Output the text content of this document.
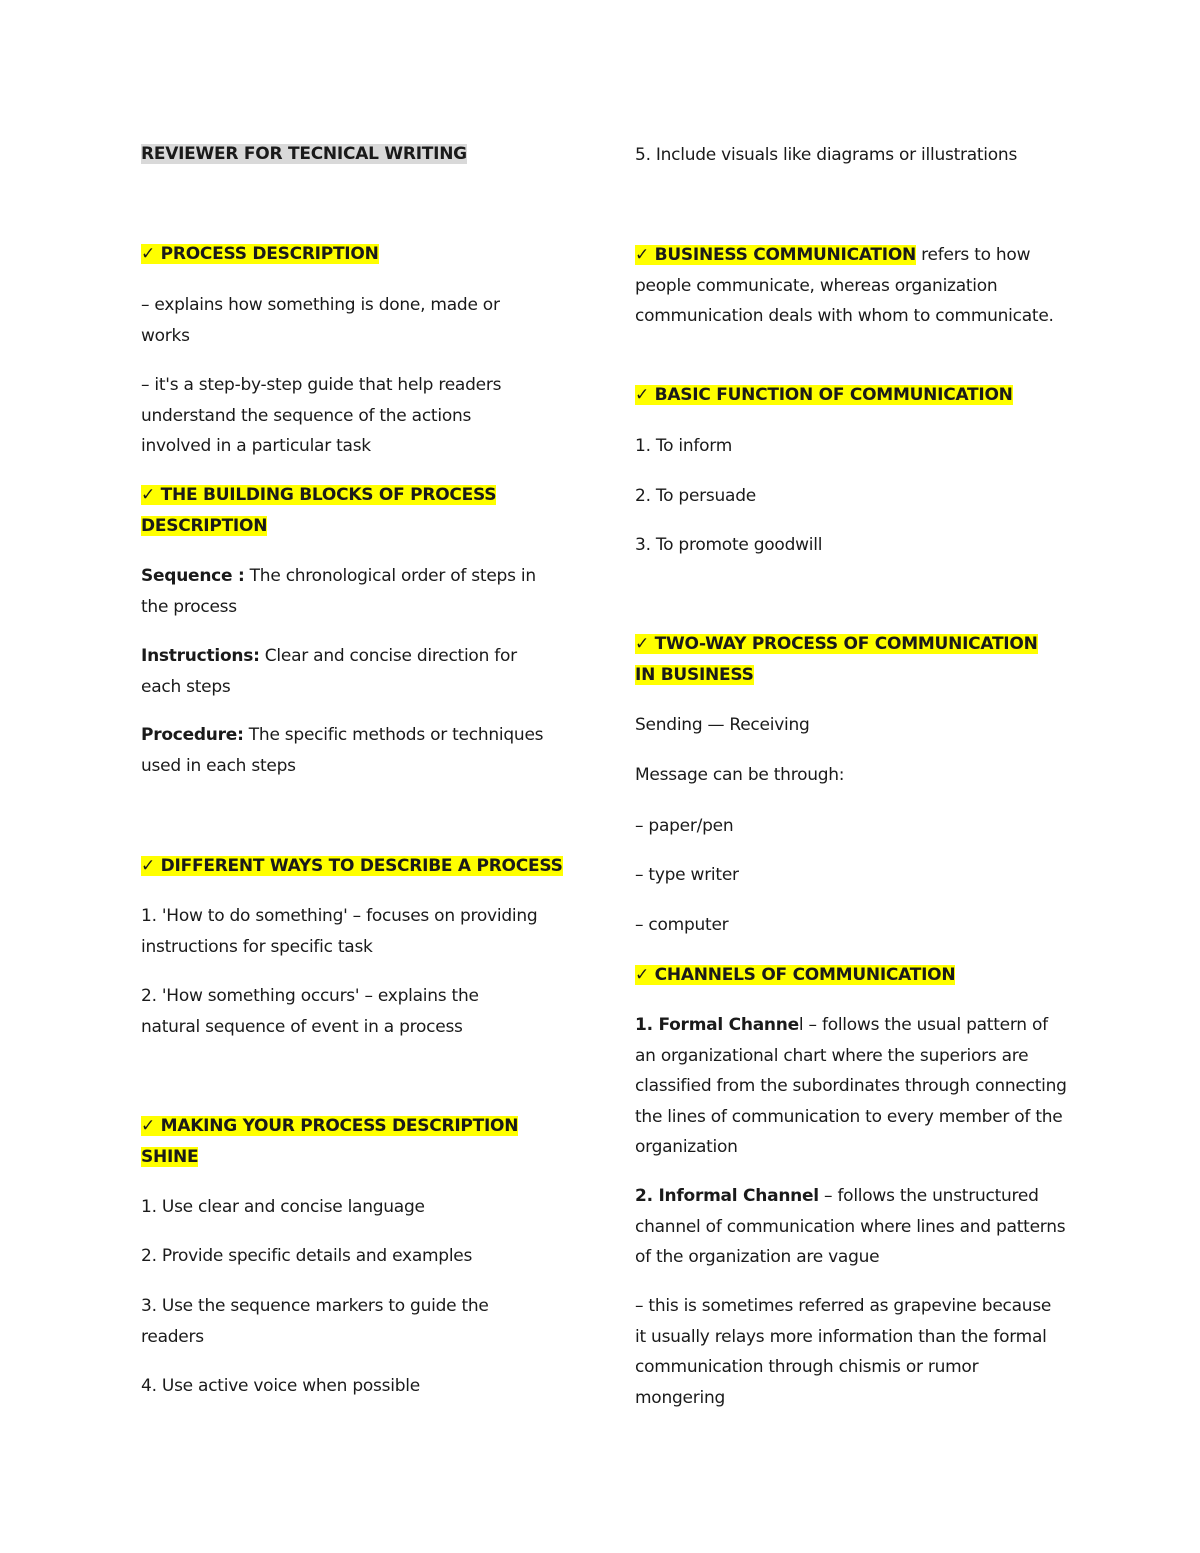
REVIEWER FOR TECNICAL WRITING

✓ PROCESS DESCRIPTION

– explains how something is done, made or works

– it's a step-by-step guide that help readers understand the sequence of the actions involved in a particular task

✓ THE BUILDING BLOCKS OF PROCESS DESCRIPTION

Sequence : The chronological order of steps in the process

Instructions: Clear and concise direction for each steps

Procedure: The specific methods or techniques used in each steps

✓ DIFFERENT WAYS TO DESCRIBE A PROCESS

1. 'How to do something' – focuses on providing instructions for specific task

2. 'How something occurs' – explains the natural sequence of event in a process

✓ MAKING YOUR PROCESS DESCRIPTION SHINE

1. Use clear and concise language

2. Provide specific details and examples

3. Use the sequence markers to guide the readers

4. Use active voice when possible

5. Include visuals like diagrams or illustrations

✓ BUSINESS COMMUNICATION refers to how people communicate, whereas organization communication deals with whom to communicate.

✓ BASIC FUNCTION OF COMMUNICATION

1. To inform

2. To persuade

3. To promote goodwill

✓ TWO-WAY PROCESS OF COMMUNICATION IN BUSINESS

Sending — Receiving

Message can be through:

– paper/pen

– type writer

– computer

✓ CHANNELS OF COMMUNICATION

1. Formal Channel – follows the usual pattern of an organizational chart where the superiors are classified from the subordinates through connecting the lines of communication to every member of the organization

2. Informal Channel – follows the unstructured channel of communication where lines and patterns of the organization are vague

– this is sometimes referred as grapevine because it usually relays more information than the formal communication through chismis or rumor mongering
